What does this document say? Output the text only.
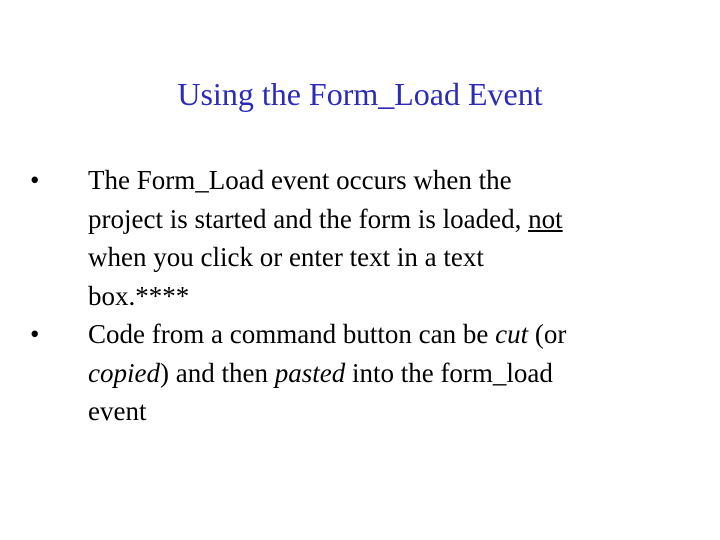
Using the Form_Load Event
•	The Form_Load event occurs when the
project is started and the form is loaded, not
when you click or enter text in a text
box.****
•	Code from a command button can be cut (or
copied) and then pasted into the form_load
event
